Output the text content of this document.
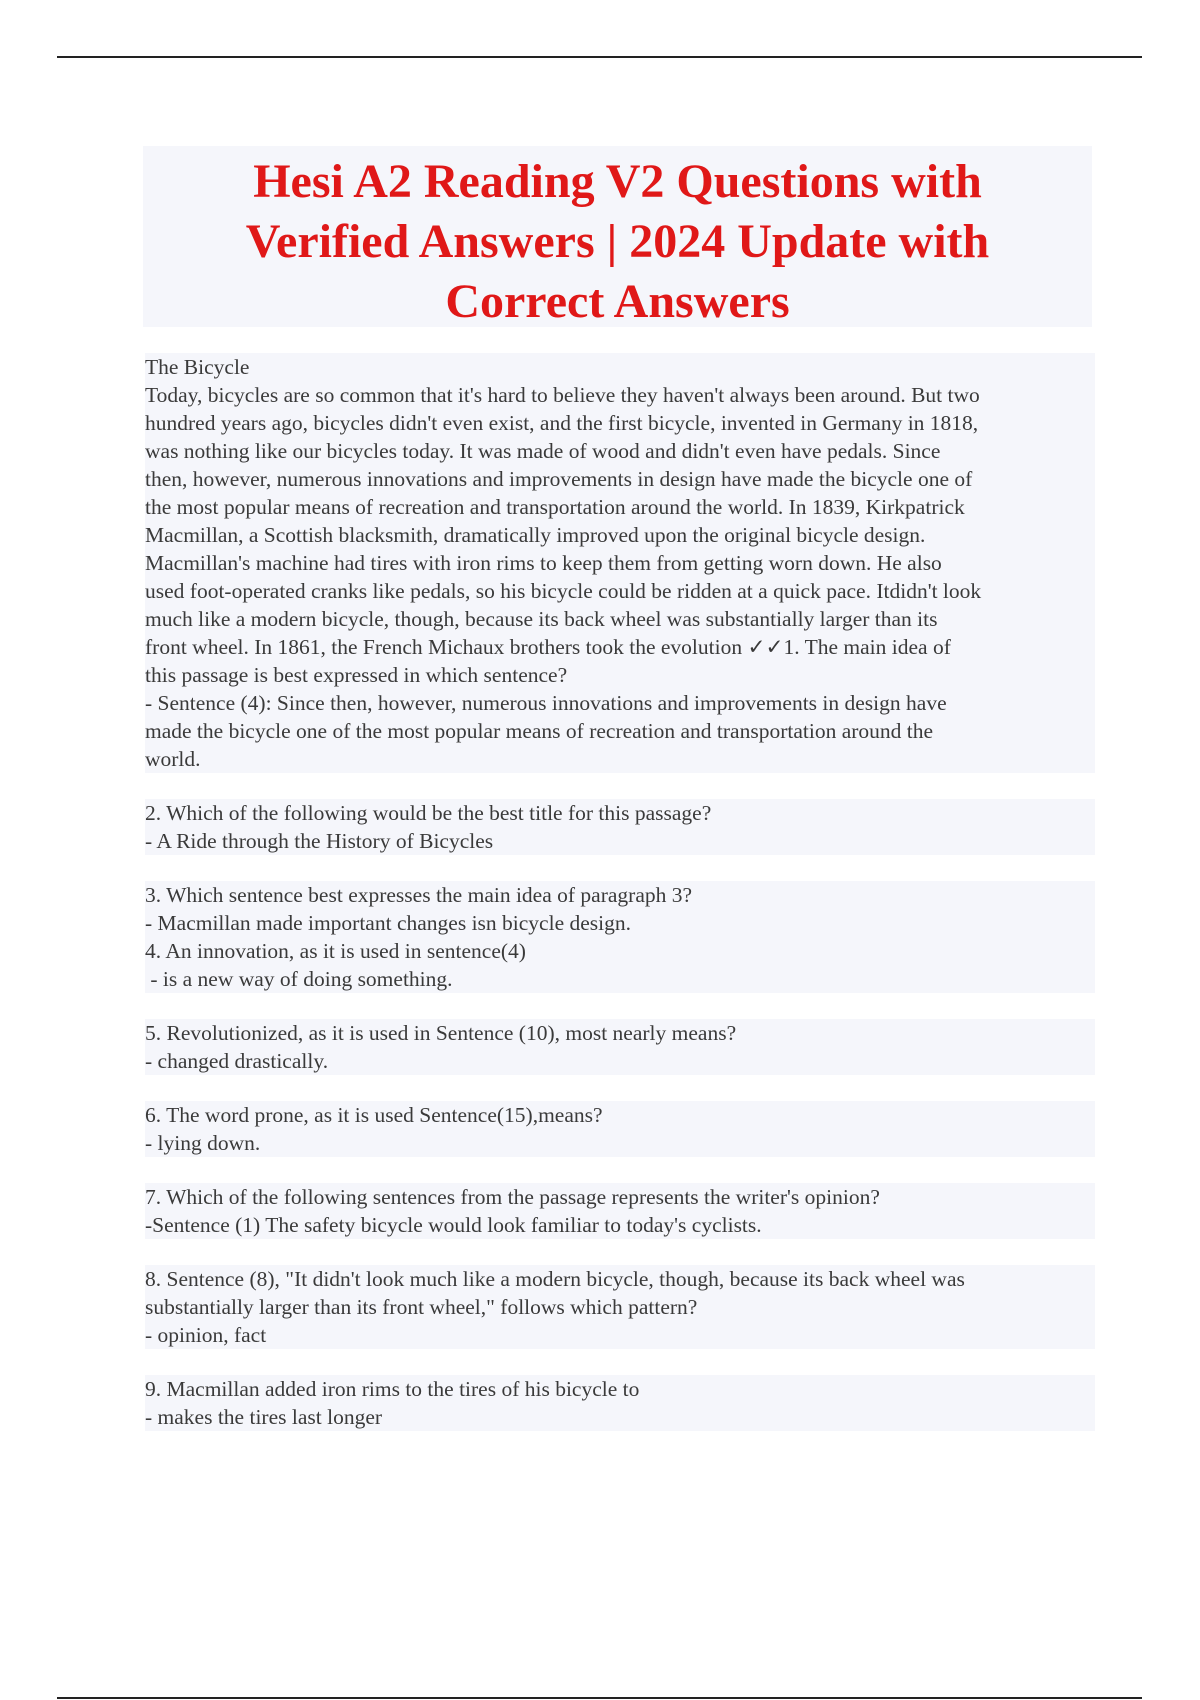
Hesi A2 Reading V2 Questions with
Verified Answers | 2024 Update with
Correct Answers
The Bicycle
Today, bicycles are so common that it's hard to believe they haven't always been around. But two
hundred years ago, bicycles didn't even exist, and the first bicycle, invented in Germany in 1818,
was nothing like our bicycles today. It was made of wood and didn't even have pedals. Since
then, however, numerous innovations and improvements in design have made the bicycle one of
the most popular means of recreation and transportation around the world. In 1839, Kirkpatrick
Macmillan, a Scottish blacksmith, dramatically improved upon the original bicycle design.
Macmillan's machine had tires with iron rims to keep them from getting worn down. He also
used foot-operated cranks like pedals, so his bicycle could be ridden at a quick pace. Itdidn't look
much like a modern bicycle, though, because its back wheel was substantially larger than its
front wheel. In 1861, the French Michaux brothers took the evolution ✓✓1. The main idea of
this passage is best expressed in which sentence?
- Sentence (4): Since then, however, numerous innovations and improvements in design have
made the bicycle one of the most popular means of recreation and transportation around the
world.
2. Which of the following would be the best title for this passage?
- A Ride through the History of Bicycles
3. Which sentence best expresses the main idea of paragraph 3?
- Macmillan made important changes isn bicycle design.

4. An innovation, as it is used in sentence(4)
- is a new way of doing something.
5. Revolutionized, as it is used in Sentence (10), most nearly means?
- changed drastically.
6. The word prone, as it is used Sentence(15),means?
- lying down.
7. Which of the following sentences from the passage represents the writer's opinion?
-Sentence (1) The safety bicycle would look familiar to today's cyclists.
8. Sentence (8), "It didn't look much like a modern bicycle, though, because its back wheel was
substantially larger than its front wheel," follows which pattern?
- opinion, fact
9. Macmillan added iron rims to the tires of his bicycle to
- makes the tires last longer
